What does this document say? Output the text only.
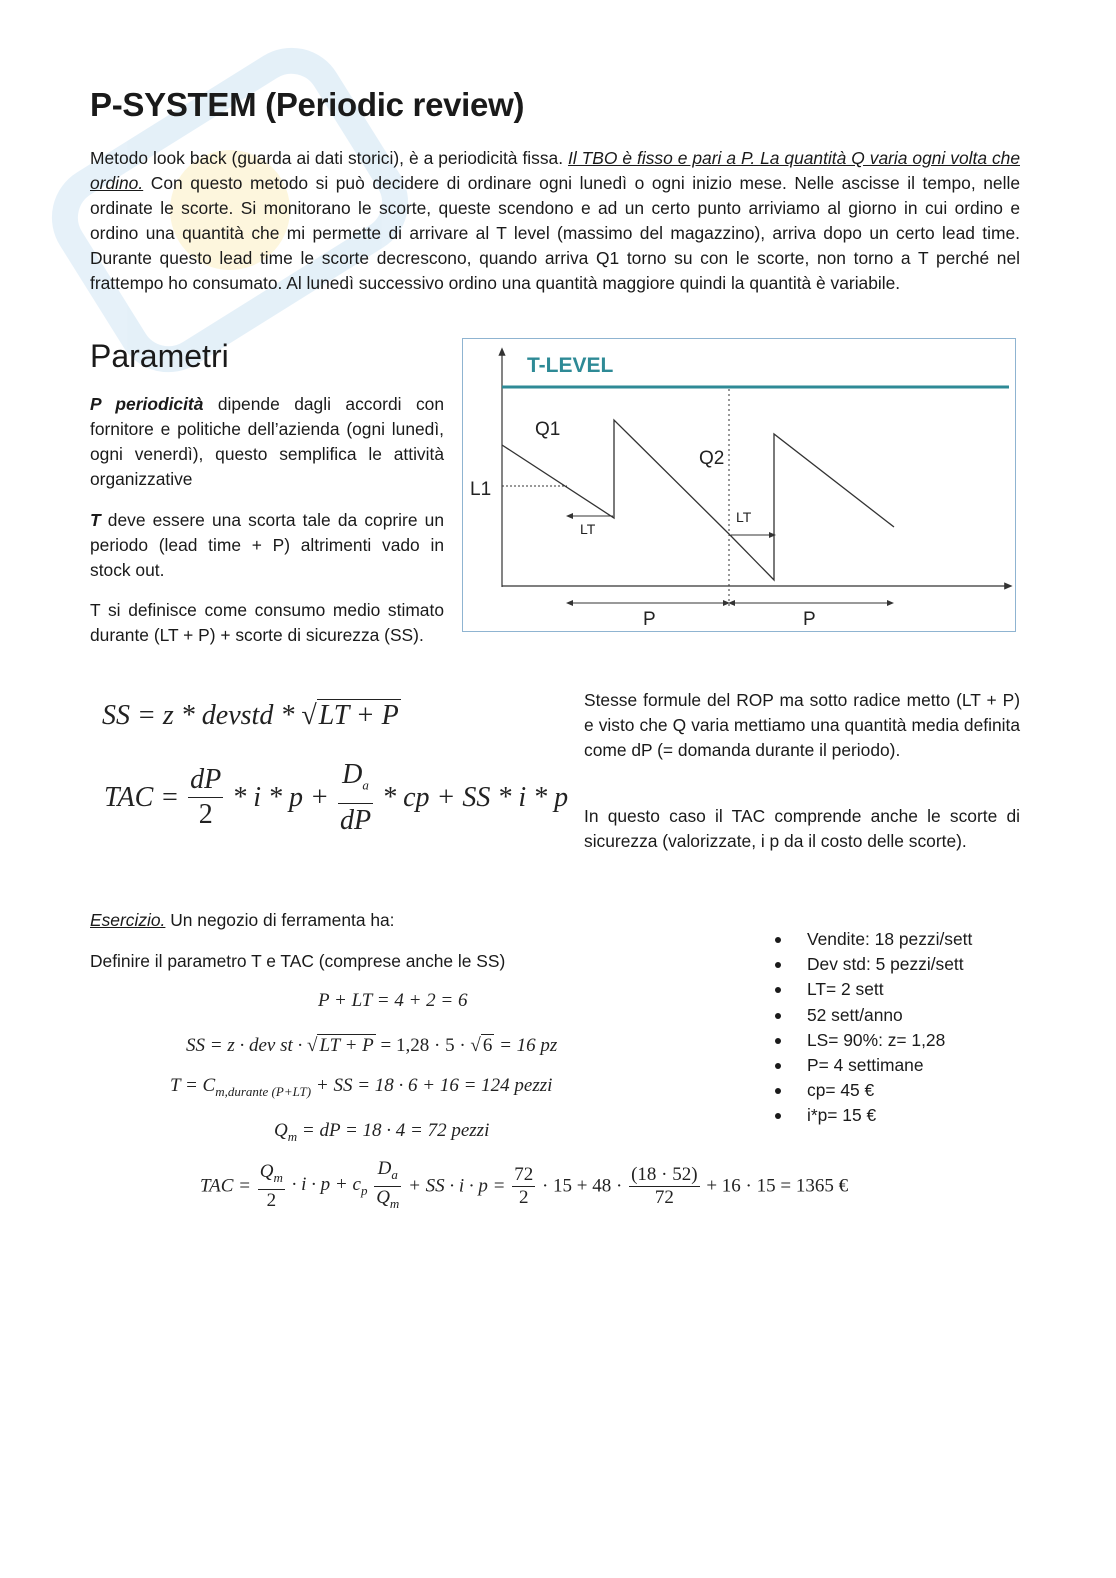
P-SYSTEM (Periodic review)

Metodo look back (guarda ai dati storici), è a periodicità fissa. Il TBO è fisso e pari a P. La quantità Q varia ogni volta che ordino. Con questo metodo si può decidere di ordinare ogni lunedì o ogni inizio mese. Nelle ascisse il tempo, nelle ordinate le scorte. Si monitorano le scorte, queste scendono e ad un certo punto arriviamo al giorno in cui ordino e ordino una quantità che mi permette di arrivare al T level (massimo del magazzino), arriva dopo un certo lead time. Durante questo lead time le scorte decrescono, quando arriva Q1 torno su con le scorte, non torno a T perché nel frattempo ho consumato. Al lunedì successivo ordino una quantità maggiore quindi la quantità è variabile.

Parametri

P periodicità dipende dagli accordi con fornitore e politiche dell’azienda (ogni lunedì, ogni venerdì), questo semplifica le attività organizzative

T deve essere una scorta tale da coprire un periodo (lead time + P) altrimenti vado in stock out.

T si definisce come consumo medio stimato durante (LT + P) + scorte di sicurezza (SS).

T-LEVEL
Q1
Q2
L1
LT
LT
P	P
SS = z * devstd * √LT + P
TAC = $\frac{dP}{2} * i * p + \frac{D_a}{dP}$ * cp + SS * i * p

Stesse formule del ROP ma sotto radice metto (LT + P) e visto che Q varia mettiamo una quantità media definita come dP (= domanda durante il periodo).

In questo caso il TAC comprende anche le scorte di sicurezza (valorizzate, i p da il costo delle scorte).

Esercizio. Un negozio di ferramenta ha:

Definire il parametro T e TAC (comprese anche le SS)

Vendite: 18 pezzi/sett
Dev std: 5 pezzi/sett
LT= 2 sett
52 sett/anno
LS= 90%: z= 1,28
P= 4 settimane
cp= 45 €
i*p= 15 €
P + LT = 4 + 2 = 6
SS = z · dev st · √ LT + P = 1,28 · 5 · √ 6 = 16 pz
$T = C_{m,durante (P+LT)}$ + SS = 18 · 6 + 16 = 124 pezzi
$Q_m$ = dP = 18 · 4 = 72 pezzi
TAC = $\frac{Q_m}{2} \cdot i \cdot p + c_p \frac{D_a}{Q_m}$ + SS · $i \cdot p = \frac{72}{2} \cdot 15 + 48 \cdot \frac{(18 \cdot 52)}{72} + 16 \cdot 15 = 1365$ €
